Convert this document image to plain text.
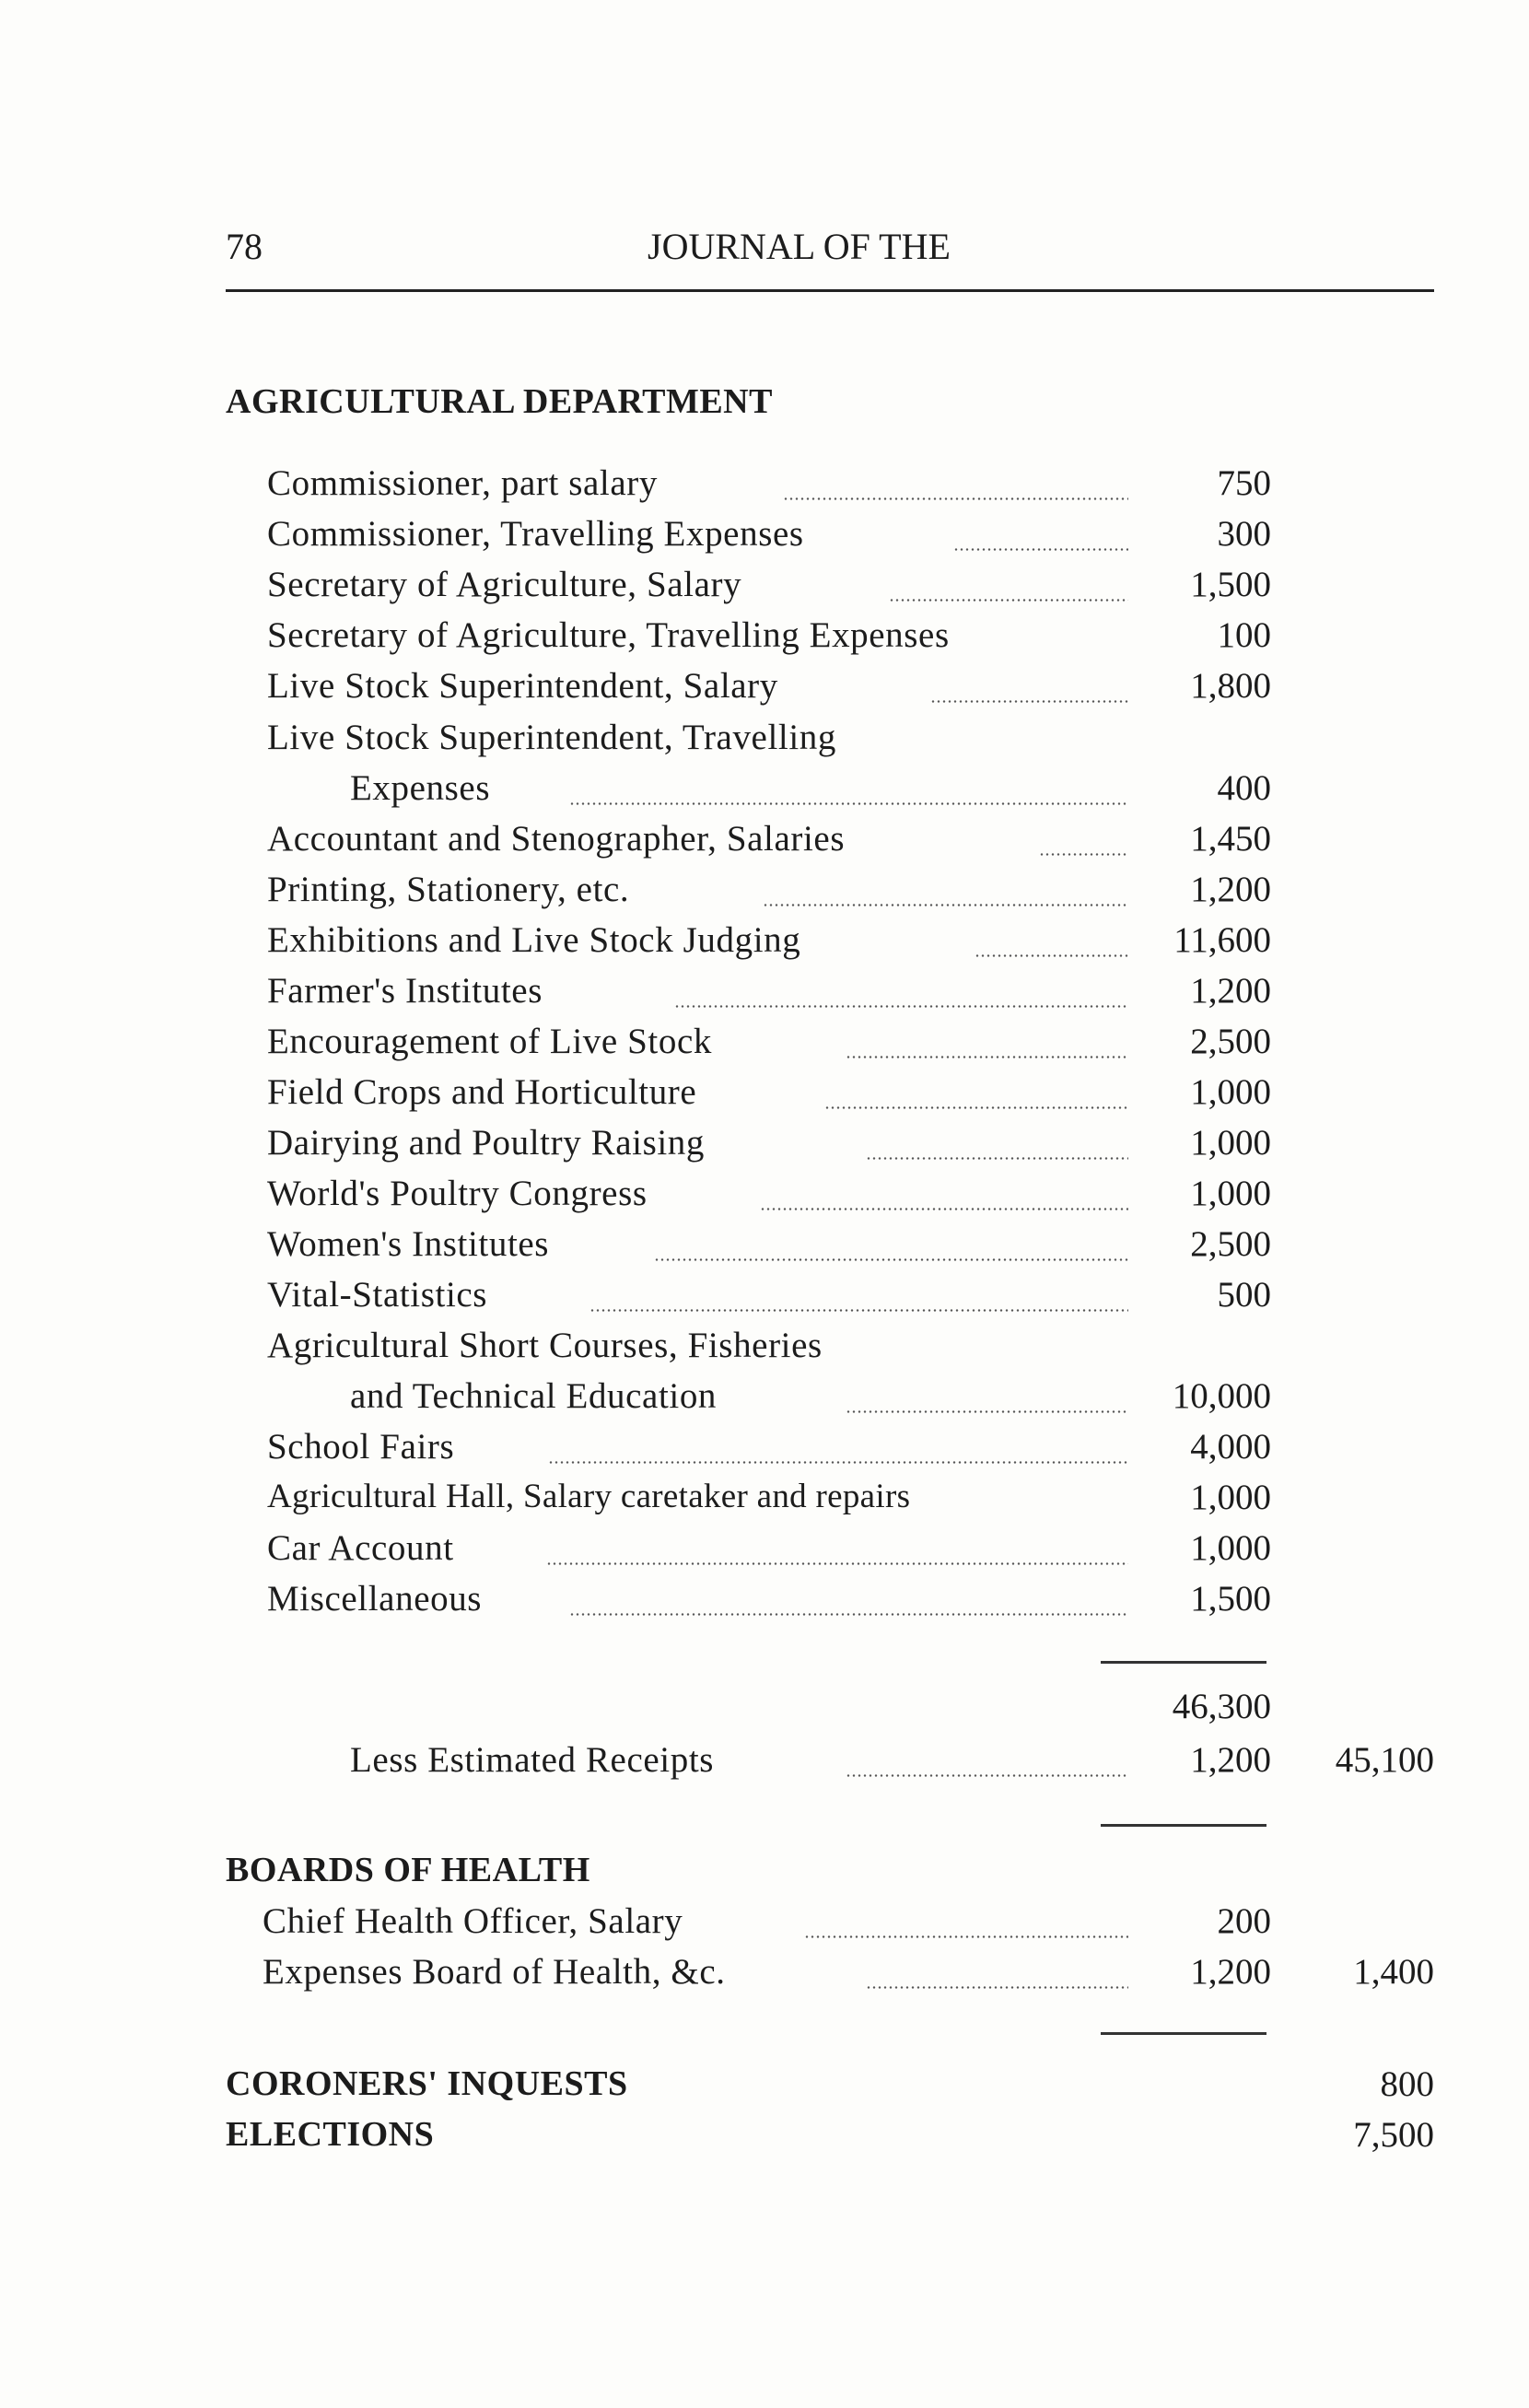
78	JOURNAL OF THE
AGRICULTURAL DEPARTMENT
Commissioner, part salary	750
Commissioner, Travelling Expenses	300
Secretary of Agriculture, Salary	1,500
Secretary of Agriculture, Travelling Expenses	100
Live Stock Superintendent, Salary	1,800
Live Stock Superintendent, Travelling
Expenses	400
Accountant and Stenographer, Salaries	1,450
Printing, Stationery, etc.	1,200
Exhibitions and Live Stock Judging	11,600
Farmer's Institutes	1,200
Encouragement of Live Stock	2,500
Field Crops and Horticulture	1,000
Dairying and Poultry Raising	1,000
World's Poultry Congress	1,000
Women's Institutes	2,500
Vital-Statistics	500
Agricultural Short Courses, Fisheries
and Technical Education	10,000
School Fairs	4,000
Agricultural Hall, Salary caretaker and repairs	1,000
Car Account	1,000
Miscellaneous	1,500
46,300
Less Estimated Receipts	1,200 45,100
BOARDS OF HEALTH
Chief Health Officer, Salary	200
Expenses Board of Health, &c.	1,200 1,400
CORONERS' INQUESTS	800
ELECTIONS	7,500
